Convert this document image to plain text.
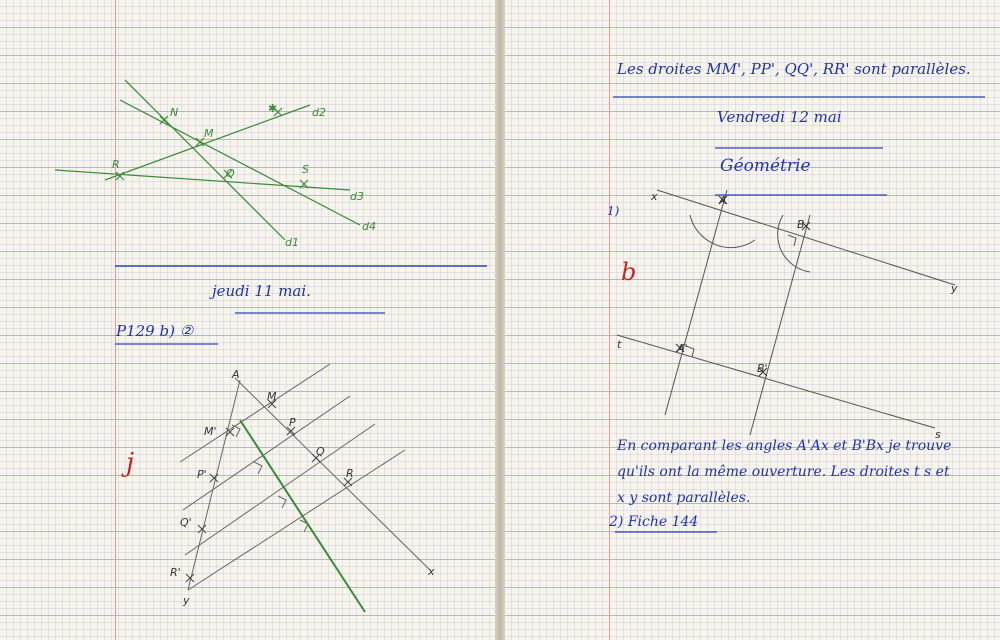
N
M
R
Q	S
✱	d2
d3
d4
d1
A
M
M'
P
P'
Q
Q'
R
R'	x
y
jeudi 11 mai.
P129 b) ②
j
x
y
t
s
A
B
A'
B'
Les droites MM', PP', QQ', RR' sont parallèles.
Vendredi 12 mai
Géométrie
1)
b
En comparant les angles A'Ax et B'Bx je trouve
qu'ils ont la même ouverture. Les droites t s et
x y sont parallèles.
2) Fiche 144
